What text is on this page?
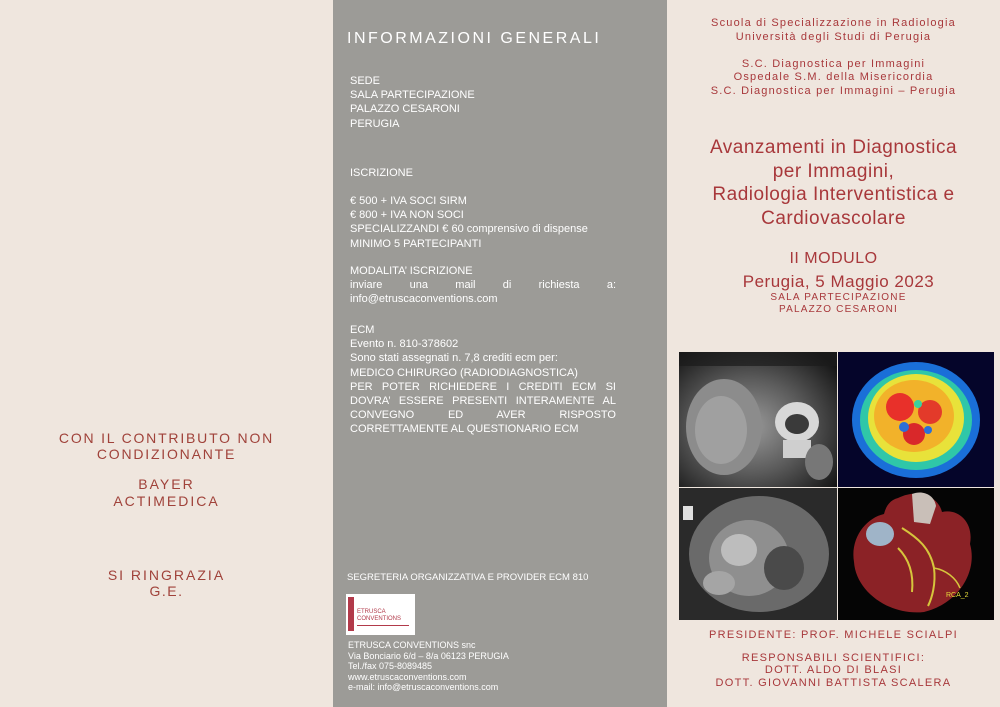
CON IL CONTRIBUTO NON
CONDIZIONANTE
BAYER
ACTIMEDICA
SI RINGRAZIA
G.E.
INFORMAZIONI GENERALI
SEDE
SALA PARTECIPAZIONE
PALAZZO CESARONI
PERUGIA
ISCRIZIONE
€ 500 + IVA SOCI SIRM
€ 800 + IVA NON SOCI
SPECIALIZZANDI € 60 comprensivo di dispense
MINIMO 5 PARTECIPANTI
MODALITA’ ISCRIZIONE
inviare una mail di richiesta a:
info@etruscaconventions.com
ECM
Evento n. 810-378602
Sono stati assegnati n. 7,8 crediti ecm per:
MEDICO CHIRURGO (RADIODIAGNOSTICA)
PER POTER RICHIEDERE I CREDITI ECM SI
DOVRA’ ESSERE PRESENTI INTERAMENTE AL
CONVEGNO ED AVER RISPOSTO
CORRETTAMENTE AL QUESTIONARIO ECM
SEGRETERIA ORGANIZZATIVA E PROVIDER ECM 810
ETRUSCA
CONVENTIONS
ETRUSCA CONVENTIONS snc
Via Bonciario 6/d – 8/a 06123 PERUGIA
Tel./fax 075-8089485
www.etruscaconventions.com
e-mail: info@etruscaconventions.com
Scuola di Specializzazione in Radiologia
Università degli Studi di Perugia
S.C. Diagnostica per Immagini
Ospedale S.M. della Misericordia
S.C. Diagnostica per Immagini – Perugia
Avanzamenti in Diagnostica
per Immagini,
Radiologia Interventistica e
Cardiovascolare
II MODULO
Perugia, 5 Maggio 2023
SALA PARTECIPAZIONE
PALAZZO CESARONI
RCA_2
PRESIDENTE: PROF. MICHELE SCIALPI
RESPONSABILI SCIENTIFICI:
DOTT. ALDO DI BLASI
DOTT. GIOVANNI BATTISTA SCALERA
